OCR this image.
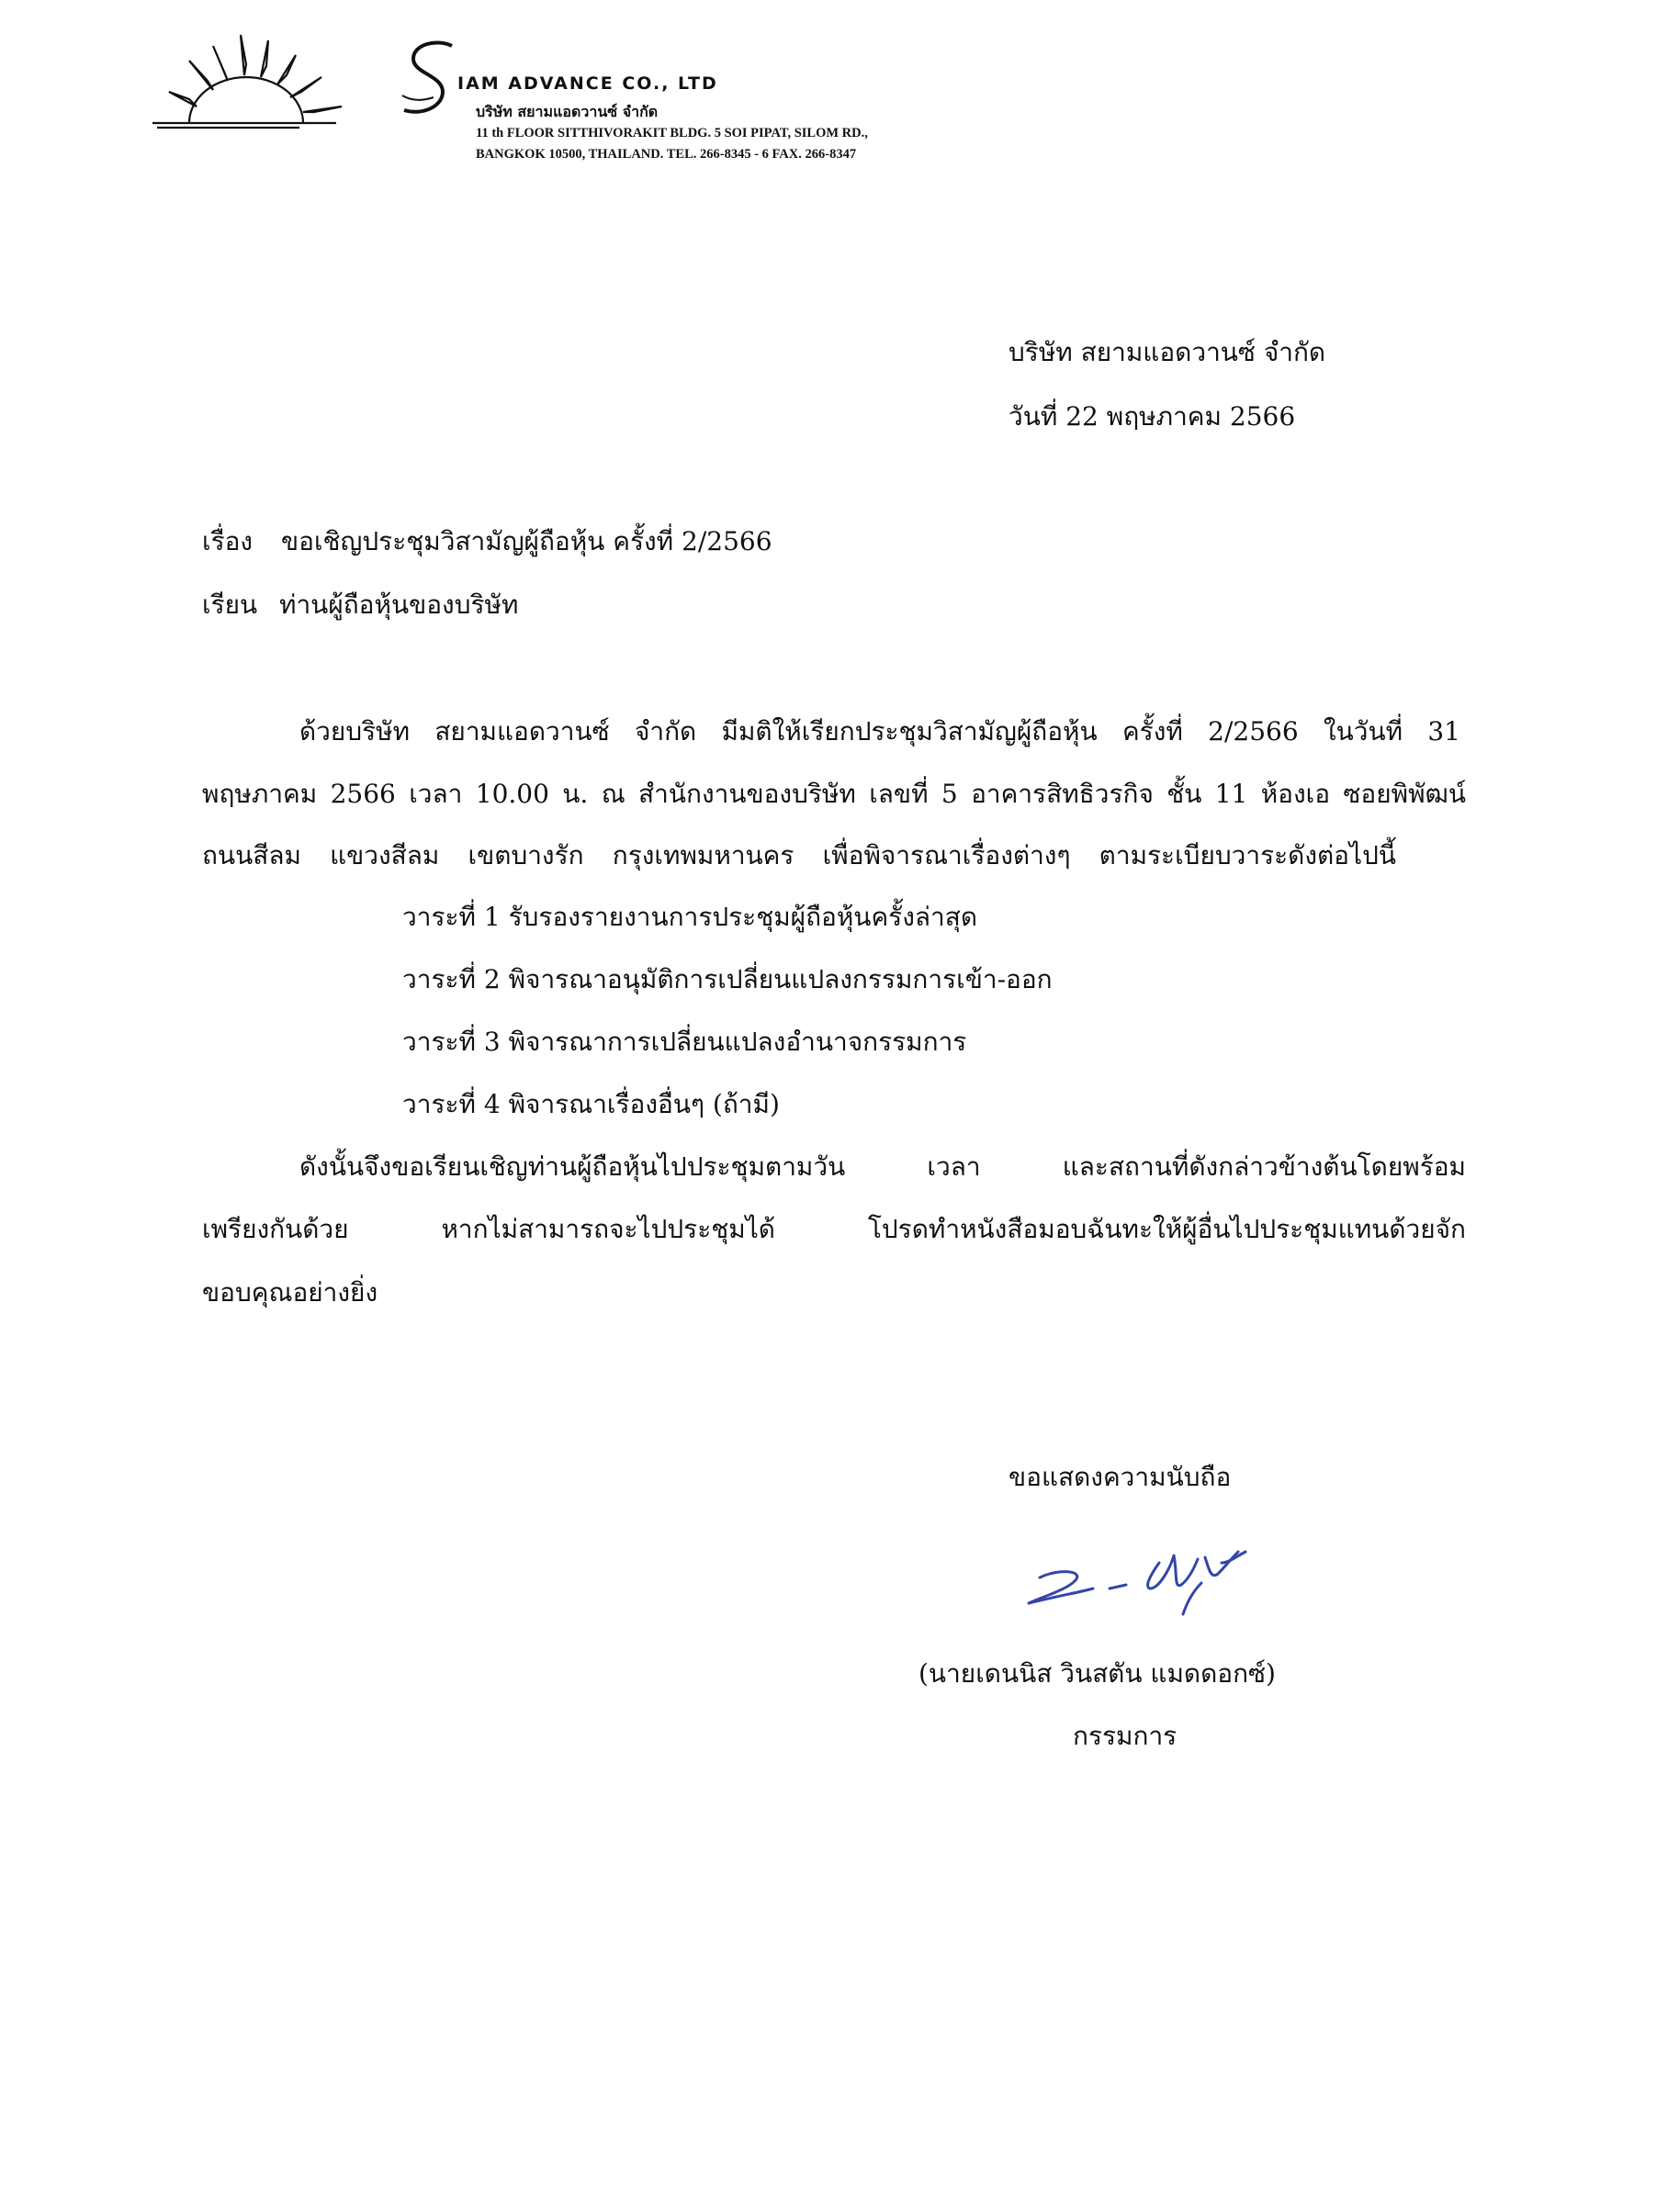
IAM ADVANCE CO., LTD
บริษัท สยามแอดวานซ์ จำกัด
11 th FLOOR SITTHIVORAKIT BLDG. 5 SOI PIPAT, SILOM RD.,
BANGKOK 10500, THAILAND. TEL. 266-8345 - 6 FAX. 266-8347
บริษัท สยามแอดวานซ์ จำกัด
วันที่ 22 พฤษภาคม 2566
เรื่อง ขอเชิญประชุมวิสามัญผู้ถือหุ้น ครั้งที่ 2/2566
เรียน ท่านผู้ถือหุ้นของบริษัท
ด้วยบริษัท สยามแอดวานซ์ จำกัด มีมติให้เรียกประชุมวิสามัญผู้ถือหุ้น ครั้งที่ 2/2566 ในวันที่ 31
พฤษภาคม 2566 เวลา 10.00 น. ณ สำนักงานของบริษัท เลขที่ 5 อาคารสิทธิวรกิจ ชั้น 11 ห้องเอ ซอยพิพัฒน์
ถนนสีลม แขวงสีลม เขตบางรัก กรุงเทพมหานคร เพื่อพิจารณาเรื่องต่างๆ ตามระเบียบวาระดังต่อไปนี้
วาระที่ 1 รับรองรายงานการประชุมผู้ถือหุ้นครั้งล่าสุด
วาระที่ 2 พิจารณาอนุมัติการเปลี่ยนแปลงกรรมการเข้า-ออก
วาระที่ 3 พิจารณาการเปลี่ยนแปลงอำนาจกรรมการ
วาระที่ 4 พิจารณาเรื่องอื่นๆ (ถ้ามี)
ดังนั้นจึงขอเรียนเชิญท่านผู้ถือหุ้นไปประชุมตามวัน เวลา และสถานที่ดังกล่าวข้างต้นโดยพร้อม
เพรียงกันด้วย หากไม่สามารถจะไปประชุมได้ โปรดทำหนังสือมอบฉันทะให้ผู้อื่นไปประชุมแทนด้วยจัก
ขอบคุณอย่างยิ่ง
ขอแสดงความนับถือ
(นายเดนนิส วินสตัน แมดดอกซ์)
กรรมการ
